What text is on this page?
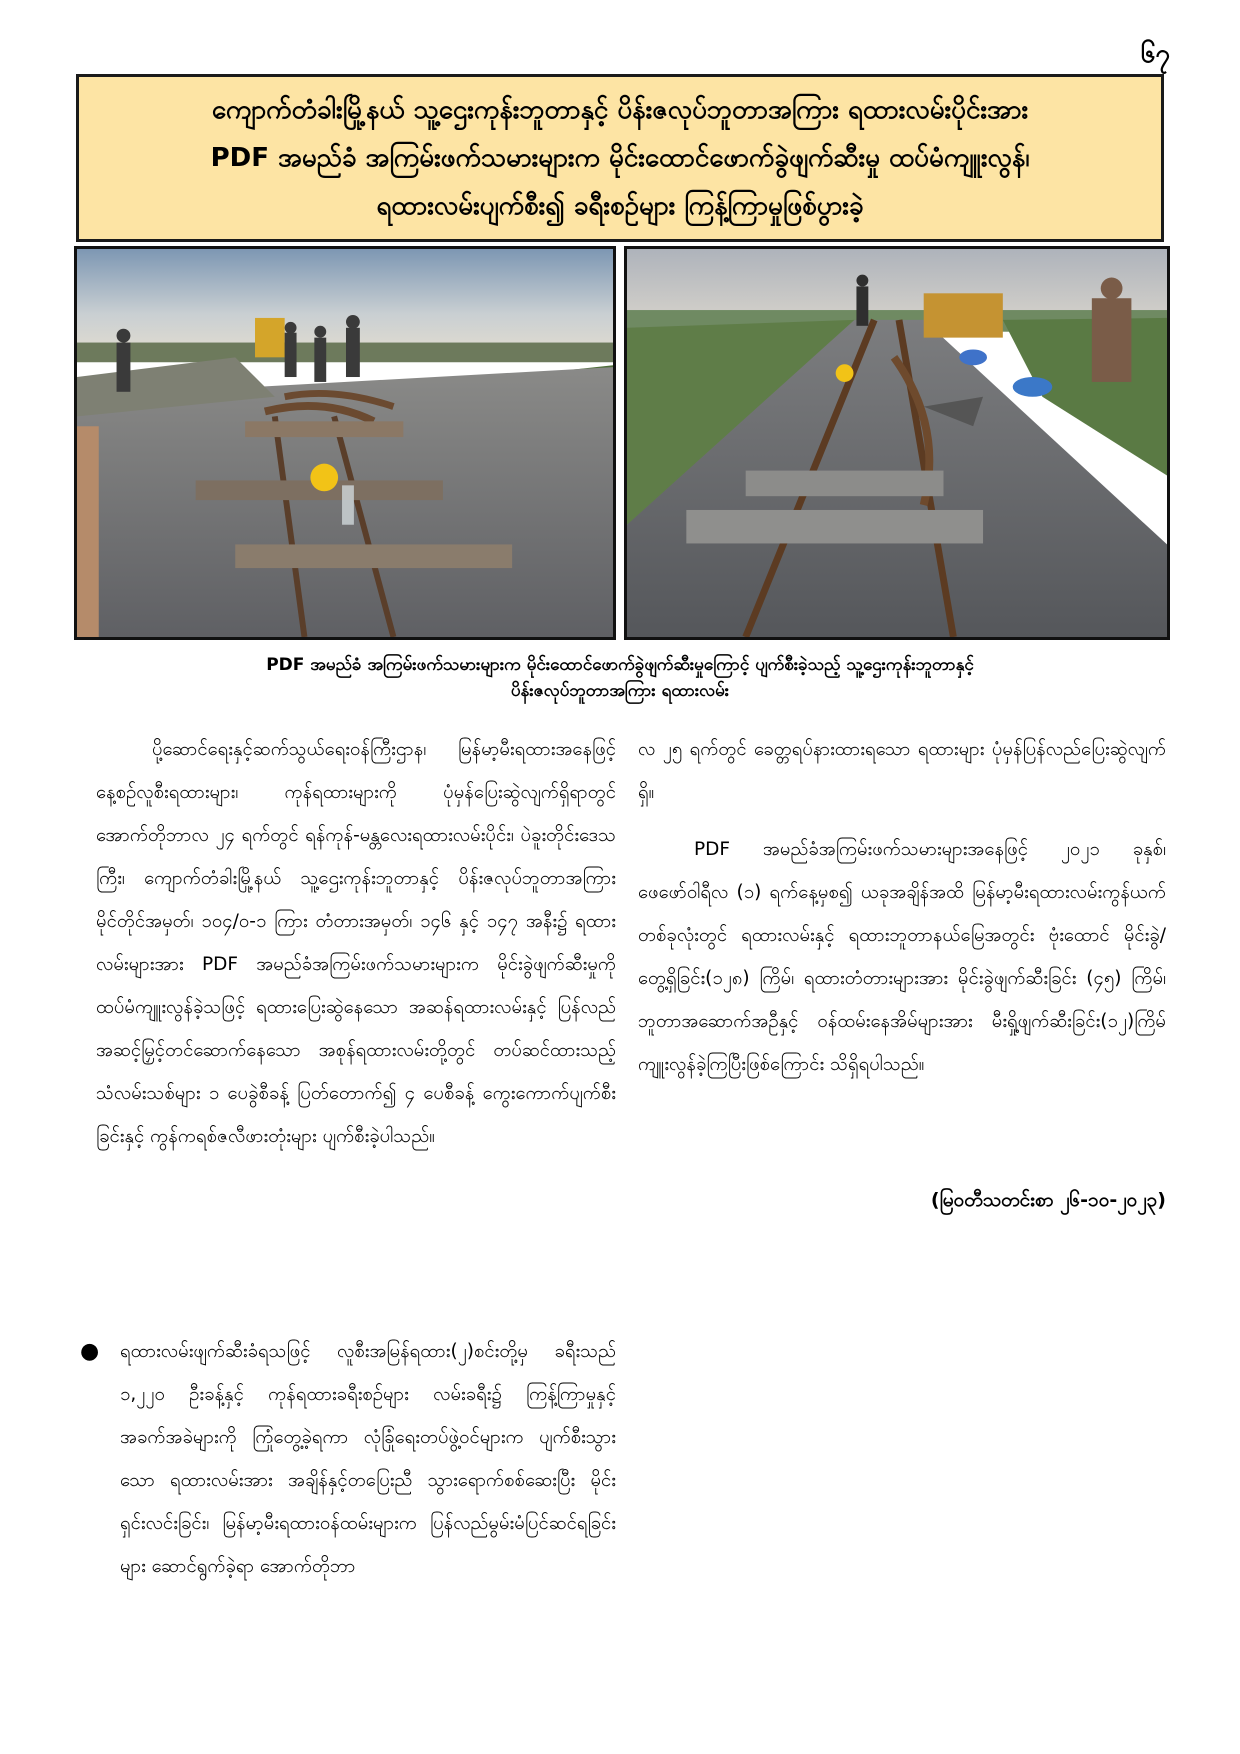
၆၇
ကျောက်တံခါးမြို့နယ် သူ့ဌေးကုန်းဘူတာနှင့် ပိန်းဇလုပ်ဘူတာအကြား ရထားလမ်းပိုင်းအား
PDF အမည်ခံ အကြမ်းဖက်သမားများက မိုင်းထောင်ဖောက်ခွဲဖျက်ဆီးမှု ထပ်မံကျူးလွန်၊
ရထားလမ်းပျက်စီး၍ ခရီးစဉ်များ ကြန့်ကြာမှုဖြစ်ပွားခဲ့
PDF အမည်ခံ အကြမ်းဖက်သမားများက မိုင်းထောင်ဖောက်ခွဲဖျက်ဆီးမှုကြောင့် ပျက်စီးခဲ့သည့် သူ့ဌေးကုန်းဘူတာနှင့်
ပိန်းဇလုပ်ဘူတာအကြား ရထားလမ်း

ပို့ဆောင်ရေးနှင့်ဆက်သွယ်ရေးဝန်ကြီးဌာန၊ မြန်မာ့မီးရထားအနေဖြင့် နေ့စဉ်လူစီးရထားများ၊ ကုန်ရထားများကို ပုံမှန်ပြေးဆွဲလျက်ရှိရာတွင် အောက်တိုဘာလ ၂၄ ရက်တွင် ရန်ကုန်-မန္တလေးရထားလမ်းပိုင်း၊ ပဲခူးတိုင်းဒေသကြီး၊ ကျောက်တံခါးမြို့နယ် သူ့ဌေးကုန်းဘူတာနှင့် ပိန်းဇလုပ်ဘူတာအကြား မိုင်တိုင်အမှတ်၊ ၁၀၄/၀-၁ ကြား တံတားအမှတ်၊ ၁၄၆ နှင့် ၁၄၇ အနီး၌ ရထားလမ်းများအား PDF အမည်ခံအကြမ်းဖက်သမားများက မိုင်းခွဲဖျက်ဆီးမှုကို ထပ်မံကျူးလွန်ခဲ့သဖြင့် ရထားပြေးဆွဲနေသော အဆန်ရထားလမ်းနှင့် ပြန်လည်အဆင့်မြှင့်တင်ဆောက်နေသော အစုန်ရထားလမ်းတို့တွင် တပ်ဆင်ထားသည့် သံလမ်းသစ်များ ၁ ပေခွဲစီခန့် ပြတ်တောက်၍ ၄ ပေစီခန့် ကွေးကောက်ပျက်စီးခြင်းနှင့် ကွန်ကရစ်ဇလီဖားတုံးများ ပျက်စီးခဲ့ပါသည်။

●	ရထားလမ်းဖျက်ဆီးခံရသဖြင့် လူစီးအမြန်ရထား(၂)စင်းတို့မှ ခရီးသည် ၁,၂၂၀ ဦးခန့်နှင့် ကုန်ရထားခရီးစဉ်များ လမ်းခရီး၌ ကြန့်ကြာမှုနှင့် အခက်အခဲများကို ကြုံတွေ့ခဲ့ရကာ လုံခြုံရေးတပ်ဖွဲ့ဝင်များက ပျက်စီးသွားသော ရထားလမ်းအား အချိန်နှင့်တပြေးညီ သွားရောက်စစ်ဆေးပြီး မိုင်းရှင်းလင်းခြင်း၊ မြန်မာ့မီးရထားဝန်ထမ်းများက ပြန်လည်မွမ်းမံပြင်ဆင်ရခြင်းများ ဆောင်ရွက်ခဲ့ရာ အောက်တိုဘာ

လ ၂၅ ရက်တွင် ခေတ္တရပ်နားထားရသော ရထားများ ပုံမှန်ပြန်လည်ပြေးဆွဲလျက်ရှိ။

PDF အမည်ခံအကြမ်းဖက်သမားများအနေဖြင့် ၂၀၂၁ ခုနှစ်၊ ဖေဖော်ဝါရီလ (၁) ရက်နေ့မှစ၍ ယခုအချိန်အထိ မြန်မာ့မီးရထားလမ်းကွန်ယက်တစ်ခုလုံးတွင် ရထားလမ်းနှင့် ရထားဘူတာနယ်မြေအတွင်း ဗုံးထောင် မိုင်းခွဲ/ တွေ့ရှိခြင်း(၁၂၈) ကြိမ်၊ ရထားတံတားများအား မိုင်းခွဲဖျက်ဆီးခြင်း (၄၅) ကြိမ်၊ ဘူတာအဆောက်အဦနှင့် ဝန်ထမ်းနေအိမ်များအား မီးရှို့ဖျက်ဆီးခြင်း(၁၂)ကြိမ် ကျူးလွန်ခဲ့ကြပြီးဖြစ်ကြောင်း သိရှိရပါသည်။

(မြဝတီသတင်းစာ ၂၆-၁၀-၂၀၂၃)
